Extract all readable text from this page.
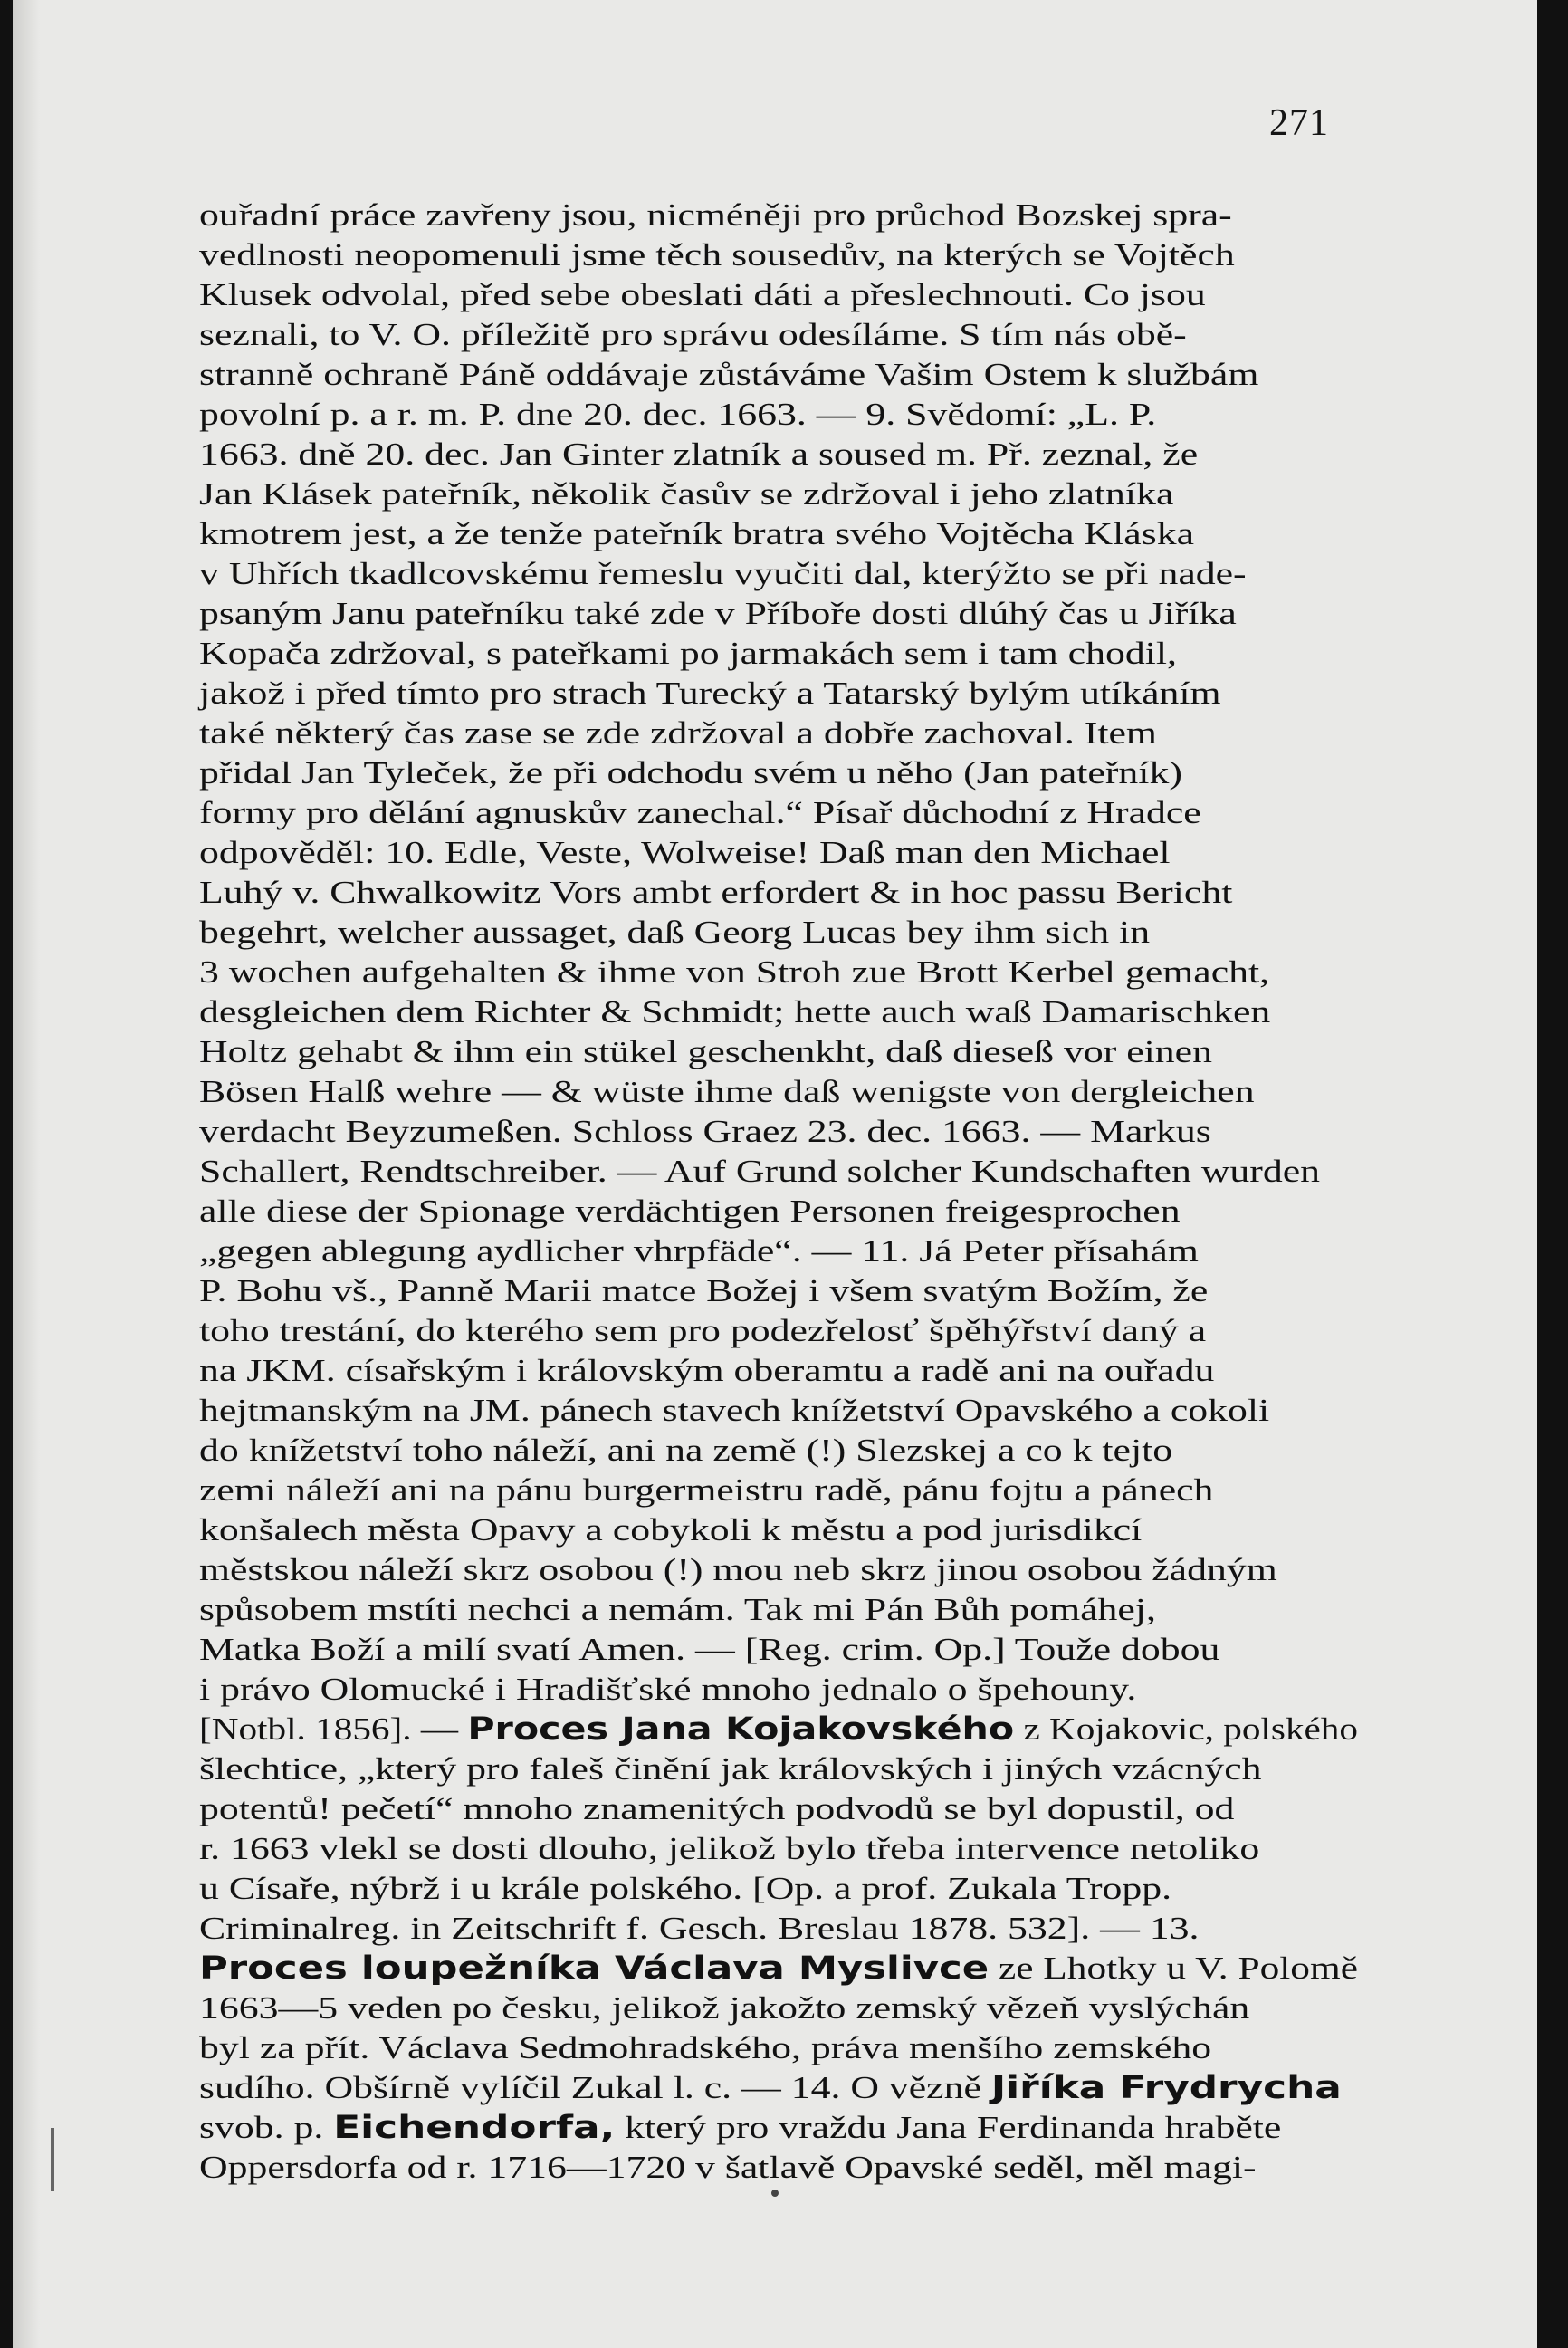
271
ouřadní práce zavřeny jsou, nicméněji pro průchod Bozskej spra-
vedlnosti neopomenuli jsme těch sousedův, na kterých se Vojtěch
Klusek odvolal, před sebe obeslati dáti a přeslechnouti. Co jsou
seznali, to V. O. příležitě pro správu odesíláme. S tím nás obě-
stranně ochraně Páně oddávaje zůstáváme Vašim Ostem k službám
povolní p. a r. m. P. dne 20. dec. 1663. — 9. Svědomí: „L. P.
1663. dně 20. dec. Jan Ginter zlatník a soused m. Př. zeznal, že
Jan Klásek pateřník, několik časův se zdržoval i jeho zlatníka
kmotrem jest, a že tenže pateřník bratra svého Vojtěcha Kláska
v Uhřích tkadlcovskému řemeslu vyučiti dal, kterýžto se při nade-
psaným Janu pateřníku také zde v Příboře dosti dlúhý čas u Jiříka
Kopača zdržoval, s pateřkami po jarmakách sem i tam chodil,
jakož i před tímto pro strach Turecký a Tatarský bylým utíkáním
také některý čas zase se zde zdržoval a dobře zachoval. Item
přidal Jan Tyleček, že při odchodu svém u něho (Jan pateřník)
formy pro dělání agnuskův zanechal.“ Písař důchodní z Hradce
odpověděl: 10. Edle, Veste, Wolweise! Daß man den Michael
Luhý v. Chwalkowitz Vors ambt erfordert & in hoc passu Bericht
begehrt, welcher aussaget, daß Georg Lucas bey ihm sich in
3 wochen aufgehalten & ihme von Stroh zue Brott Kerbel gemacht,
desgleichen dem Richter & Schmidt; hette auch waß Damarischken
Holtz gehabt & ihm ein stükel geschenkht, daß dieseß vor einen
Bösen Halß wehre — & wüste ihme daß wenigste von dergleichen
verdacht Beyzumeßen. Schloss Graez 23. dec. 1663. — Markus
Schallert, Rendtschreiber. — Auf Grund solcher Kundschaften wurden
alle diese der Spionage verdächtigen Personen freigesprochen
„gegen ablegung aydlicher vhrpfäde“. — 11. Já Peter přísahám
P. Bohu vš., Panně Marii matce Božej i všem svatým Božím, že
toho trestání, do kterého sem pro podezřelosť špěhýřství daný a
na JKM. císařským i královským oberamtu a radě ani na ouřadu
hejtmanským na JM. pánech stavech knížetství Opavského a cokoli
do knížetství toho náleží, ani na země (!) Slezskej a co k tejto
zemi náleží ani na pánu burgermeistru radě, pánu fojtu a pánech
konšalech města Opavy a cobykoli k městu a pod jurisdikcí
městskou náleží skrz osobou (!) mou neb skrz jinou osobou žádným
spůsobem mstíti nechci a nemám. Tak mi Pán Bůh pomáhej,
Matka Boží a milí svatí Amen. — [Reg. crim. Op.] Touže dobou
i právo Olomucké i Hradišťské mnoho jednalo o špehouny.
[Notbl. 1856]. — Proces Jana Kojakovského z Kojakovic, polského
šlechtice, „který pro faleš činění jak královských i jiných vzácných
potentů! pečetí“ mnoho znamenitých podvodů se byl dopustil, od
r. 1663 vlekl se dosti dlouho, jelikož bylo třeba intervence netoliko
u Císaře, nýbrž i u krále polského. [Op. a prof. Zukala Tropp.
Criminalreg. in Zeitschrift f. Gesch. Breslau 1878. 532]. — 13.
Proces loupežníka Václava Myslivce ze Lhotky u V. Polomě
1663—5 veden po česku, jelikož jakožto zemský vězeň vyslýchán
byl za přít. Václava Sedmohradského, práva menšího zemského
sudího. Obšírně vylíčil Zukal l. c. — 14. O vězně Jiříka Frydrycha
svob. p. Eichendorfa, který pro vraždu Jana Ferdinanda hraběte
Oppersdorfa od r. 1716—1720 v šatlavě Opavské seděl, měl magi-
